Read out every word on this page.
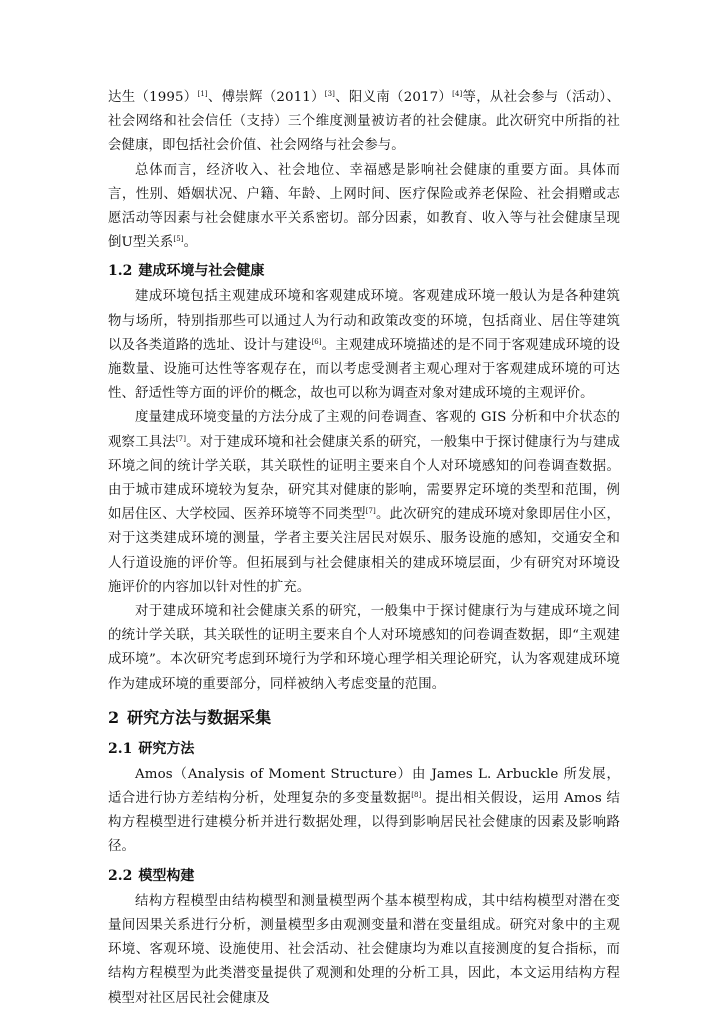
达生（1995）[1]、傅崇辉（2011）[3]、阳义南（2017）[4]等，从社会参与（活动）、社会网络和社会信任（支持）三个维度测量被访者的社会健康。此次研究中所指的社会健康，即包括社会价值、社会网络与社会参与。

总体而言，经济收入、社会地位、幸福感是影响社会健康的重要方面。具体而言，性别、婚姻状况、户籍、年龄、上网时间、医疗保险或养老保险、社会捐赠或志愿活动等因素与社会健康水平关系密切。部分因素，如教育、收入等与社会健康呈现倒U型关系[5]。

1.2 建成环境与社会健康

建成环境包括主观建成环境和客观建成环境。客观建成环境一般认为是各种建筑物与场所，特别指那些可以通过人为行动和政策改变的环境，包括商业、居住等建筑以及各类道路的选址、设计与建设[6]。主观建成环境描述的是不同于客观建成环境的设施数量、设施可达性等客观存在，而以考虑受测者主观心理对于客观建成环境的可达性、舒适性等方面的评价的概念，故也可以称为调查对象对建成环境的主观评价。

度量建成环境变量的方法分成了主观的问卷调查、客观的 GIS 分析和中介状态的观察工具法[7]。对于建成环境和社会健康关系的研究，一般集中于探讨健康行为与建成环境之间的统计学关联，其关联性的证明主要来自个人对环境感知的问卷调查数据。由于城市建成环境较为复杂，研究其对健康的影响，需要界定环境的类型和范围，例如居住区、大学校园、医养环境等不同类型[7]。此次研究的建成环境对象即居住小区，对于这类建成环境的测量，学者主要关注居民对娱乐、服务设施的感知，交通安全和人行道设施的评价等。但拓展到与社会健康相关的建成环境层面，少有研究对环境设施评价的内容加以针对性的扩充。

对于建成环境和社会健康关系的研究，一般集中于探讨健康行为与建成环境之间的统计学关联，其关联性的证明主要来自个人对环境感知的问卷调查数据，即“主观建成环境”。本次研究考虑到环境行为学和环境心理学相关理论研究，认为客观建成环境作为建成环境的重要部分，同样被纳入考虑变量的范围。

2 研究方法与数据采集
2.1 研究方法

Amos（Analysis of Moment Structure）由 James L. Arbuckle 所发展，适合进行协方差结构分析，处理复杂的多变量数据[8]。提出相关假设，运用 Amos 结构方程模型进行建模分析并进行数据处理，以得到影响居民社会健康的因素及影响路径。

2.2 模型构建

结构方程模型由结构模型和测量模型两个基本模型构成，其中结构模型对潜在变量间因果关系进行分析，测量模型多由观测变量和潜在变量组成。研究对象中的主观环境、客观环境、设施使用、社会活动、社会健康均为难以直接测度的复合指标，而结构方程模型为此类潜变量提供了观测和处理的分析工具，因此，本文运用结构方程模型对社区居民社会健康及
